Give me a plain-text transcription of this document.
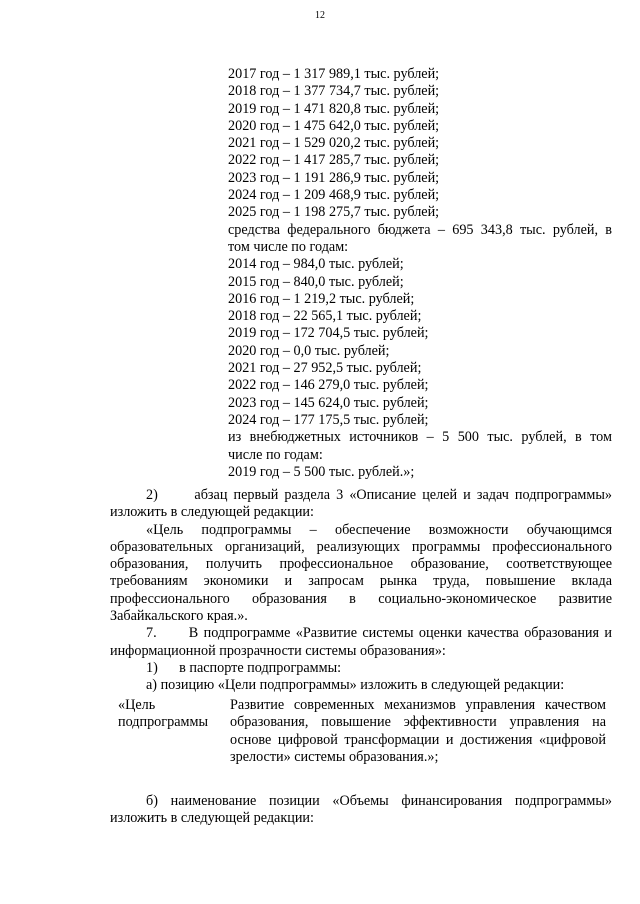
12
2017 год – 1 317 989,1 тыс. рублей;
2018 год – 1 377 734,7 тыс. рублей;
2019 год – 1 471 820,8 тыс. рублей;
2020 год – 1 475 642,0 тыс. рублей;
2021 год – 1 529 020,2 тыс. рублей;
2022 год – 1 417 285,7 тыс. рублей;
2023 год – 1 191 286,9 тыс. рублей;
2024 год – 1 209 468,9 тыс. рублей;
2025 год – 1 198 275,7 тыс. рублей;
средства федерального бюджета – 695 343,8 тыс. рублей, в
том числе по годам:
2014 год – 984,0 тыс. рублей;
2015 год – 840,0 тыс. рублей;
2016 год – 1 219,2 тыс. рублей;
2018 год – 22 565,1 тыс. рублей;
2019 год – 172 704,5 тыс. рублей;
2020 год – 0,0 тыс. рублей;
2021 год – 27 952,5 тыс. рублей;
2022 год – 146 279,0 тыс. рублей;
2023 год – 145 624,0 тыс. рублей;
2024 год – 177 175,5 тыс. рублей;
из внебюджетных источников – 5 500 тыс. рублей, в том
числе по годам:
2019 год – 5 500 тыс. рублей.»;

2)      абзац первый раздела 3 «Описание целей и задач подпрограммы» изложить в следующей редакции:

«Цель подпрограммы – обеспечение возможности обучающимся образовательных организаций, реализующих программы профессионального образования, получить профессиональное образование, соответствующее требованиям экономики и запросам рынка труда, повышение вклада профессионального образования в социально-экономическое развитие Забайкальского края.».

7.      В подпрограмме «Развитие системы оценки качества образования и информационной прозрачности системы образования»:

1)      в паспорте подпрограммы:

а) позицию «Цели подпрограммы» изложить в следующей редакции:

«Цель
подпрограммы
Развитие современных механизмов управления качеством образования, повышение эффективности управления на основе цифровой трансформации и достижения «цифровой зрелости» системы образования.»;

б) наименование позиции «Объемы финансирования подпрограммы» изложить в следующей редакции:
